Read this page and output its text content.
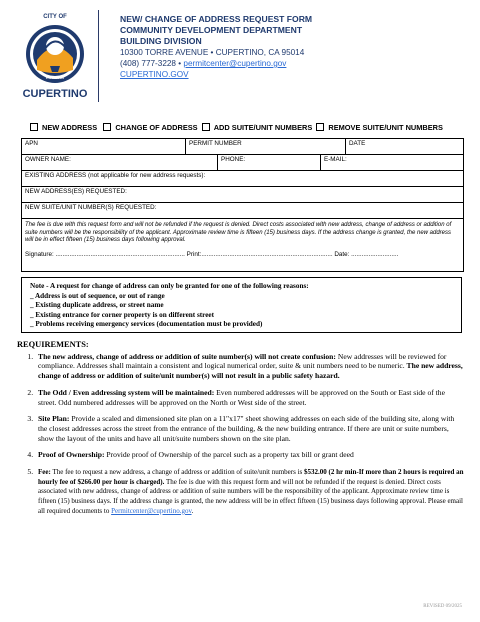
CITY OF
EST. 1955
CUPERTINO
NEW/ CHANGE OF ADDRESS REQUEST FORM
COMMUNITY DEVELOPMENT DEPARTMENT
BUILDING DIVISION
10300 TORRE AVENUE • CUPERTINO, CA 95014
(408) 777-3228 • permitcenter@cupertino.gov
CUPERTINO.GOV
NEW ADDRESS CHANGE OF ADDRESS ADD SUITE/UNIT NUMBERS REMOVE SUITE/UNIT NUMBERS
APN	PERMIT NUMBER	DATE
OWNER NAME:	PHONE:	E-MAIL:
EXISTING ADDRESS (not applicable for new address requests):
NEW ADDRESS(ES) REQUESTED:
NEW SUITE/UNIT NUMBER(S) REQUESTED:
The fee is due with this request form and will not be refunded if the request is denied. Direct costs associated with new address, change of address or addition of suite numbers will be the responsibility of the applicant. Approximate review time is fifteen (15) business days. If the address change is granted, the new address will be in effect fifteen (15) business days following approval.
Signature: .......................................................................... Print:........................................................................... Date: ...........................
Note - A request for change of address can only be granted for one of the following reasons:
_ Address is out of sequence, or out of range
_ Existing duplicate address, or street name
_ Existing entrance for corner property is on different street
_ Problems receiving emergency services (documentation must be provided)
REQUIREMENTS:

1. The new address, change of address or addition of suite number(s) will not create confusion: New addresses will be reviewed for compliance. Addresses shall maintain a consistent and logical numerical order, suite & unit numbers need to be numeric. The new address, change of address or addition of suite/unit number(s) will not result in a public safety hazard.

2. The Odd / Even addressing system will be maintained: Even numbered addresses will be approved on the South or East side of the street. Odd numbered addresses will be approved on the North or West side of the street.

3. Site Plan: Provide a scaled and dimensioned site plan on a 11"x17" sheet showing addresses on each side of the building site, along with the closest addresses across the street from the entrance of the building, & the new building entrance. If there are unit or suite numbers, show the layout of the units and have all unit/suite numbers shown on the site plan.

4. Proof of Ownership: Provide proof of Ownership of the parcel such as a property tax bill or grant deed

5. Fee: The fee to request a new address, a change of address or addition of suite/unit numbers is $532.00 (2 hr min-If more than 2 hours is required an hourly fee of $266.00 per hour is charged). The fee is due with this request form and will not be refunded if the request is denied. Direct costs associated with new address, change of address or addition of suite numbers will be the responsibility of the applicant. Approximate review time is fifteen (15) business days. If the address change is granted, the new address will be in effect fifteen (15) business days following approval. Please email all required documents to Permitcenter@cupertino.gov.

REVISED 09/2025
